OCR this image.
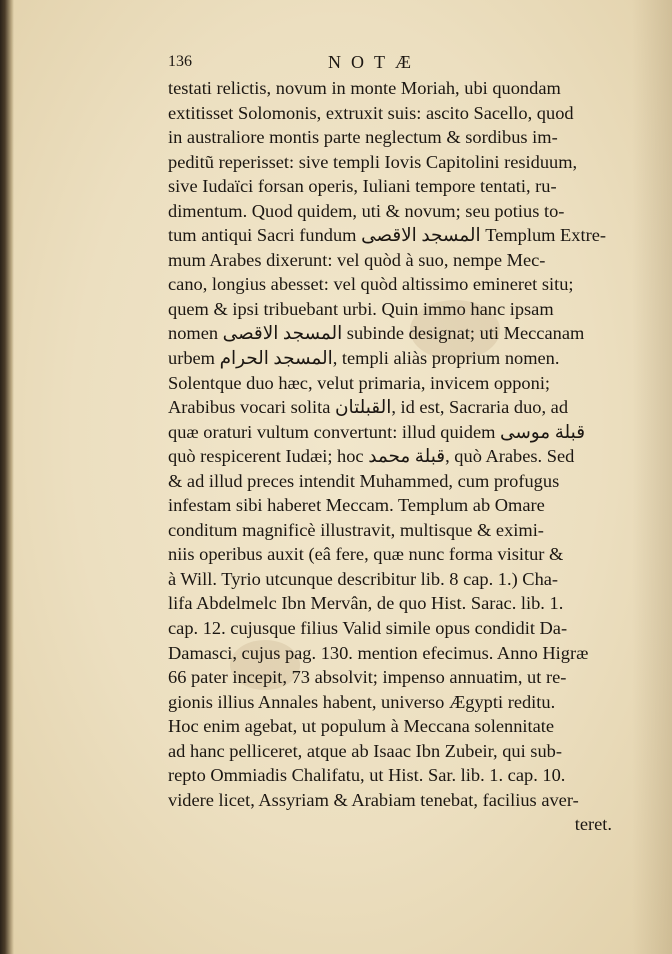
136	NOTÆ
testati relictis, novum in monte Moriah, ubi quondam
extitisset Solomonis, extruxit suis: ascito Sacello, quod
in australiore montis parte neglectum & sordibus im-
peditũ reperisset: sive templi Iovis Capitolini residuum,
sive Iudaïci forsan operis, Iuliani tempore tentati, ru-
dimentum. Quod quidem, uti & novum; seu potius to-
tum antiqui Sacri fundum المسجد الاقصى Templum Extre-
mum Arabes dixerunt: vel quòd à suo, nempe Mec-
cano, longius abesset: vel quòd altissimo emineret situ;
quem & ipsi tribuebant urbi. Quin immo hanc ipsam
nomen المسجد الاقصى subinde designat; uti Meccanam
urbem المسجد الحرام, templi aliàs proprium nomen.
Solentque duo hæc, velut primaria, invicem opponi;
Arabibus vocari solita القبلتان, id est, Sacraria duo, ad
quæ oraturi vultum convertunt: illud quidem قبلة موسى
quò respicerent Iudæi; hoc قبلة محمد, quò Arabes. Sed
& ad illud preces intendit Muhammed, cum profugus
infestam sibi haberet Meccam. Templum ab Omare
conditum magnificè illustravit, multisque & eximi-
niis operibus auxit (eâ fere, quæ nunc forma visitur &
à Will. Tyrio utcunque describitur lib. 8 cap. 1.) Cha-
lifa Abdelmelc Ibn Mervân, de quo Hist. Sarac. lib. 1.
cap. 12. cujusque filius Valid simile opus condidit Da-
Damasci, cujus pag. 130. mention efecimus. Anno Higræ
66 pater incepit, 73 absolvit; impenso annuatim, ut re-
gionis illius Annales habent, universo Ægypti reditu.
Hoc enim agebat, ut populum à Meccana solennitate
ad hanc pelliceret, atque ab Isaac Ibn Zubeir, qui sub-
repto Ommiadis Chalifatu, ut Hist. Sar. lib. 1. cap. 10.
videre licet, Assyriam & Arabiam tenebat, facilius aver-
teret.
